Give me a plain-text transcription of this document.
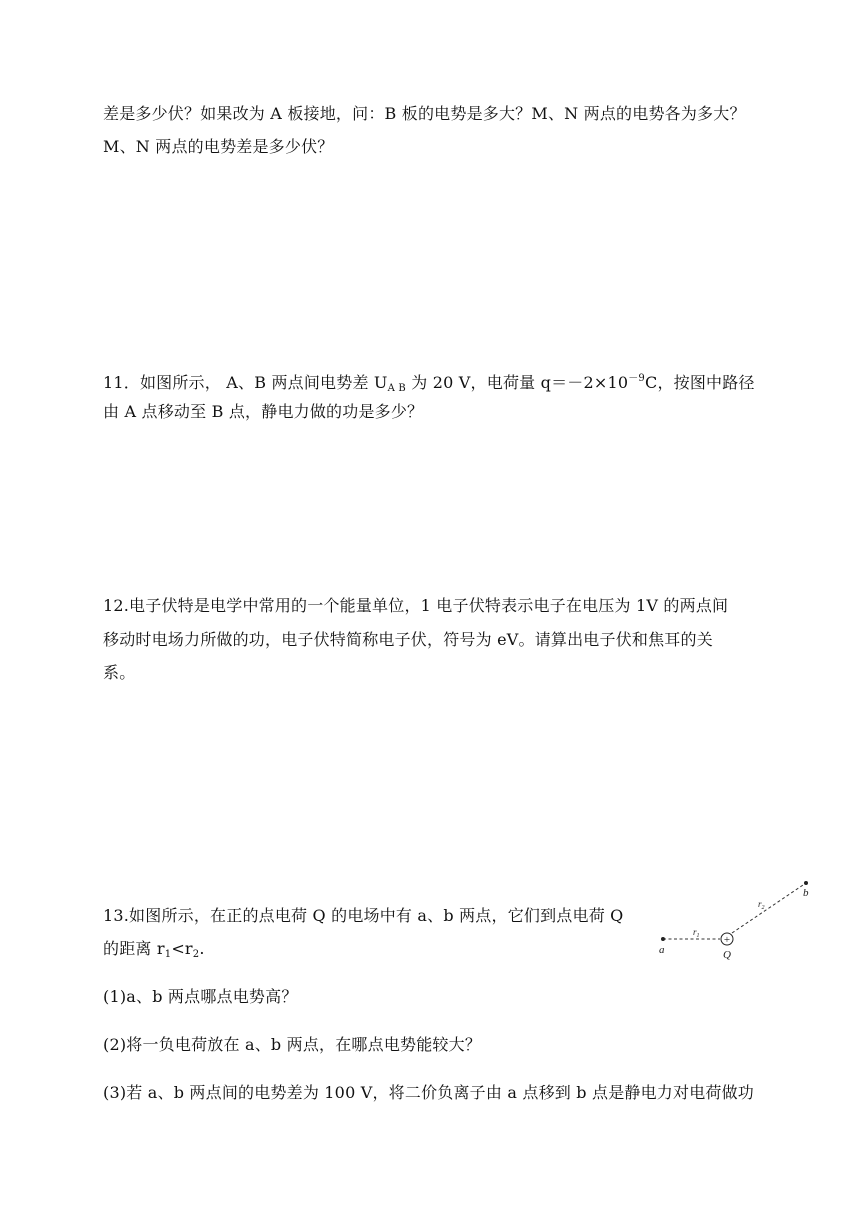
差是多少伏？如果改为 A 板接地，问：B 板的电势是多大？M、N 两点的电势各为多大？
M、N 两点的电势差是多少伏？
11．如图所示， A、B 两点间电势差 $U_{A B}$ 为 20 V，电荷量 $q=-2\times 10^{-9}C$，按图中路径
由 A 点移动至 B 点，静电力做的功是多少？
12.电子伏特是电学中常用的一个能量单位，1 电子伏特表示电子在电压为 1V 的两点间
移动时电场力所做的功，电子伏特简称电子伏，符号为 eV。请算出电子伏和焦耳的关
系。
13.如图所示，在正的点电荷 Q 的电场中有 a、b 两点，它们到点电荷 Q
的距离 $r_1<r_2$.
(1)a、b 两点哪点电势高？
(2)将一负电荷放在 a、b 两点，在哪点电势能较大？
(3)若 a、b 两点间的电势差为 100 V，将二价负离子由 a 点移到 b 点是静电力对电荷做功
+
a
b
Q
$r_1$
$r_2$
